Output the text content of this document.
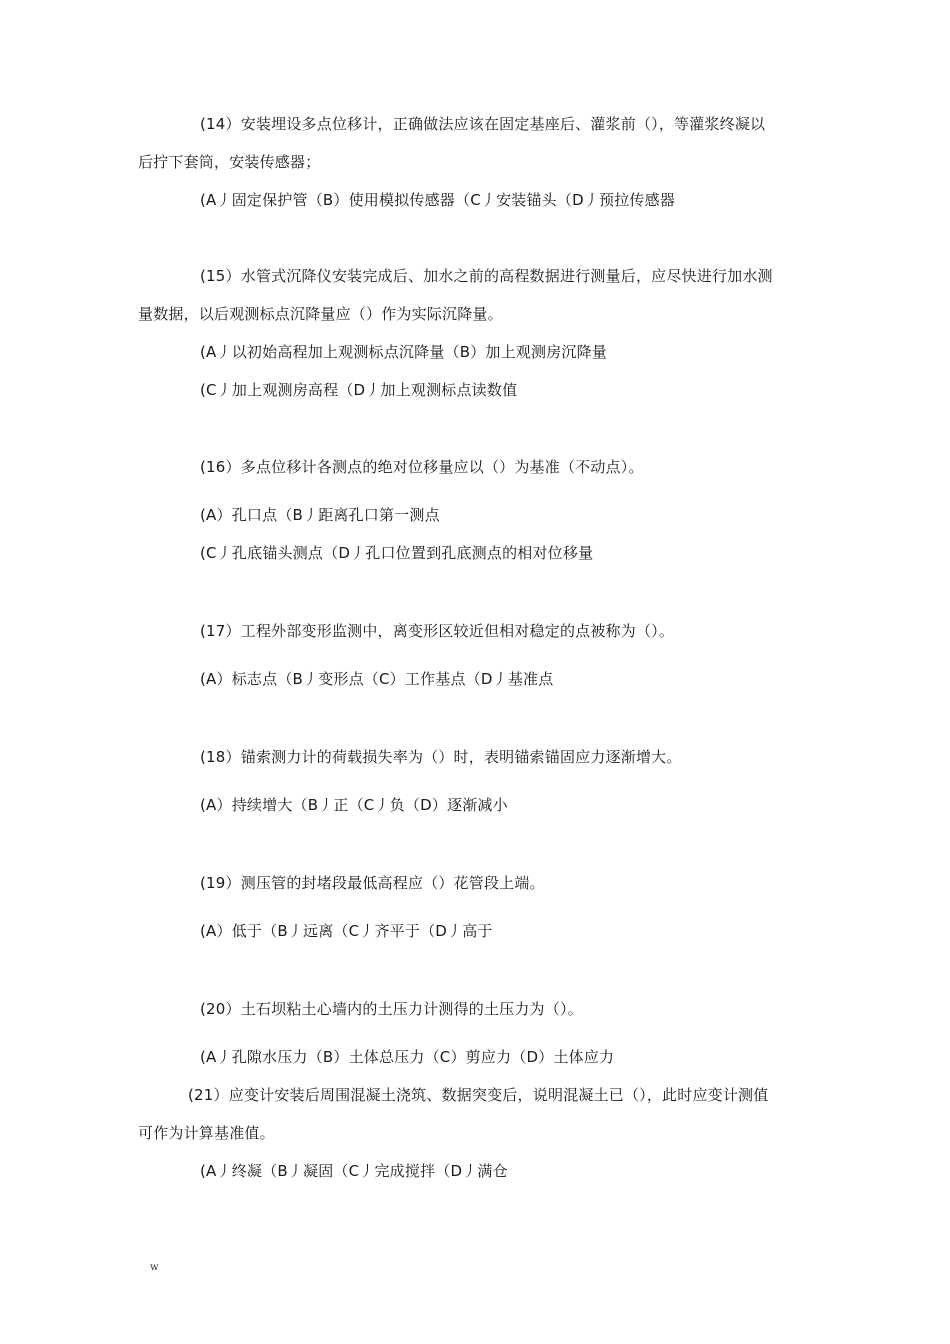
(14）安装埋设多点位移计，正确做法应该在固定基座后、灌浆前（），等灌浆终凝以
后拧下套筒，安装传感器；
(A丿固定保护管（B）使用模拟传感器（C丿安装锚头（D丿预拉传感器
(15）水管式沉降仪安装完成后、加水之前的高程数据进行测量后，应尽快进行加水测
量数据，以后观测标点沉降量应（）作为实际沉降量。
(A丿以初始高程加上观测标点沉降量（B）加上观测房沉降量
(C丿加上观测房高程（D丿加上观测标点读数值
(16）多点位移计各测点的绝对位移量应以（）为基准（不动点）。
(A）孔口点（B丿距离孔口第一测点
(C丿孔底锚头测点（D丿孔口位置到孔底测点的相对位移量
(17）工程外部变形监测中，离变形区较近但相对稳定的点被称为（）。
(A）标志点（B丿变形点（C）工作基点（D丿基准点
(18）锚索测力计的荷载损失率为（）时，表明锚索锚固应力逐渐增大。
(A）持续增大（B丿正（C丿负（D）逐渐减小
(19）测压管的封堵段最低高程应（）花管段上端。
(A）低于（B丿远离（C丿齐平于（D丿高于
(20）土石坝粘土心墙内的土压力计测得的土压力为（）。
(A丿孔隙水压力（B）土体总压力（C）剪应力（D）土体应力
(21）应变计安装后周围混凝土浇筑、数据突变后，说明混凝土已（），此时应变计测值
可作为计算基准值。
(A丿终凝（B丿凝固（C丿完成搅拌（D丿满仓
w
